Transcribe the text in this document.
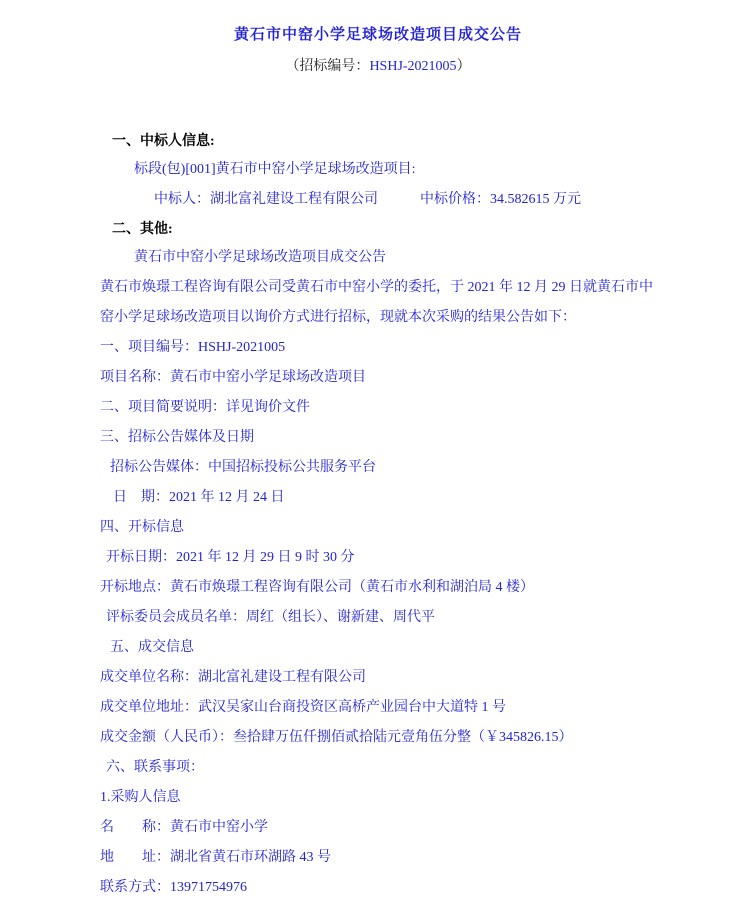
黄石市中窑小学足球场改造项目成交公告
（招标编号：HSHJ-2021005）
一、中标人信息:
标段(包)[001]黄石市中窑小学足球场改造项目:
中标人：湖北富礼建设工程有限公司	中标价格：34.582615 万元
二、其他:
黄石市中窑小学足球场改造项目成交公告
黄石市焕璟工程咨询有限公司受黄石市中窑小学的委托，于 2021 年 12 月 29 日就黄石市中
窑小学足球场改造项目以询价方式进行招标，现就本次采购的结果公告如下：
一、项目编号：HSHJ-2021005
项目名称：黄石市中窑小学足球场改造项目
二、项目简要说明：详见询价文件
三、招标公告媒体及日期
招标公告媒体：中国招标投标公共服务平台
日　期：2021 年 12 月 24 日
四、开标信息
开标日期：2021 年 12 月 29 日 9 时 30 分
开标地点：黄石市焕璟工程咨询有限公司（黄石市水利和湖泊局 4 楼）
评标委员会成员名单：周红（组长）、谢新建、周代平
五、成交信息
成交单位名称：湖北富礼建设工程有限公司
成交单位地址：武汉吴家山台商投资区高桥产业园台中大道特 1 号
成交金额（人民币）：叁拾肆万伍仟捌佰贰拾陆元壹角伍分整（￥345826.15）
六、联系事项：
1.采购人信息
名　　称：黄石市中窑小学
地　　址：湖北省黄石市环湖路 43 号
联系方式：13971754976
